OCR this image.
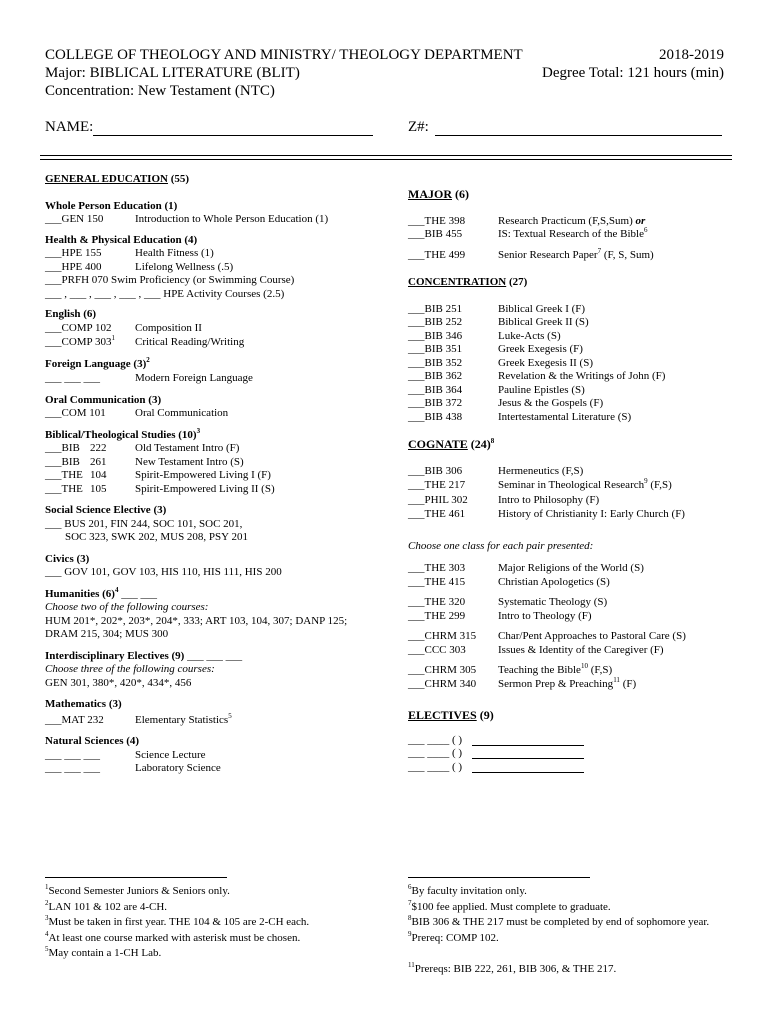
COLLEGE OF THEOLOGY AND MINISTRY/ THEOLOGY DEPARTMENT	2018-2019
Major: BIBLICAL LITERATURE (BLIT)	Degree Total: 121 hours (min)
Concentration: New Testament (NTC)
NAME:	Z#:
GENERAL EDUCATION (55)
Whole Person Education (1)
___GEN 150	Introduction to Whole Person Education (1)
Health & Physical Education (4)
___HPE 155	Health Fitness (1)
___HPE 400	Lifelong Wellness (.5)
___PRFH 070 Swim Proficiency (or Swimming Course)
___ , ___ , ___ , ___ , ___ HPE Activity Courses (2.5)
English (6)
___COMP 102	Composition II
___COMP $303^1$	Critical Reading/Writing
Foreign Language $(3)^2$
___ ___ ___	Modern Foreign Language
Oral Communication (3)
___COM 101	Oral Communication
Biblical/Theological Studies $(10)^3$
___BIB 222	Old Testament Intro (F)
___BIB 261	New Testament Intro (S)
___THE 104	Spirit-Empowered Living I (F)
___THE 105	Spirit-Empowered Living II (S)
Social Science Elective (3)
___ BUS 201, FIN 244, SOC 101, SOC 201,
SOC 323, SWK 202, MUS 208, PSY 201
Civics (3)
___ GOV 101, GOV 103, HIS 110, HIS 111, HIS 200
Humanities $(6)^4$ ___ ___
Choose two of the following courses:
HUM 201*, 202*, 203*, 204*, 333; ART 103, 104, 307; DANP 125;
DRAM 215, 304; MUS 300
Interdisciplinary Electives (9) ___ ___ ___
Choose three of the following courses:
GEN 301, 380*, 420*, 434*, 456
Mathematics (3)
___MAT 232	Elementary Statistics$^5$
Natural Sciences (4)
___ ___ ___	Science Lecture
___ ___ ___	Laboratory Science
MAJOR (6)
___THE 398	Research Practicum (F,S,Sum) or
___BIB 455	IS: Textual Research of the Bible$^6$
___THE 499	Senior Research Paper$^7$ (F, S, Sum)
CONCENTRATION (27)
___BIB 251	Biblical Greek I (F)
___BIB 252	Biblical Greek II (S)
___BIB 346	Luke-Acts (S)
___BIB 351	Greek Exegesis (F)
___BIB 352	Greek Exegesis II (S)
___BIB 362	Revelation & the Writings of John (F)
___BIB 364	Pauline Epistles (S)
___BIB 372	Jesus & the Gospels (F)
___BIB 438	Intertestamental Literature (S)
COGNATE $(24)^8$
___BIB 306	Hermeneutics (F,S)
___THE 217	Seminar in Theological Research$^9$ (F,S)
___PHIL 302	Intro to Philosophy (F)
___THE 461	History of Christianity I: Early Church (F)
Choose one class for each pair presented:
___THE 303	Major Religions of the World (S)
___THE 415	Christian Apologetics (S)
___THE 320	Systematic Theology (S)
___THE 299	Intro to Theology (F)
___CHRM 315	Char/Pent Approaches to Pastoral Care (S)
___CCC 303	Issues & Identity of the Caregiver (F)
___CHRM 305	Teaching the Bible$^{10}$ (F,S)
___CHRM 340	Sermon Prep & Preaching$^{11}$ (F)
ELECTIVES (9)
___ ____ ( )
___ ____ ( )
___ ____ ( )
$^1$Second Semester Juniors & Seniors only.
$^2$LAN 101 & 102 are 4-CH.
$^3$Must be taken in first year. THE 104 & 105 are 2-CH each.
$^4$At least one course marked with asterisk must be chosen.
$^5$May contain a 1-CH Lab.
$^6$By faculty invitation only.
$^7$\$100 fee applied. Must complete to graduate.
$^8$BIB 306 & THE 217 must be completed by end of sophomore year.
$^9$Prereq: COMP 102.
$^{11}$Prereqs: BIB 222, 261, BIB 306, & THE 217.
